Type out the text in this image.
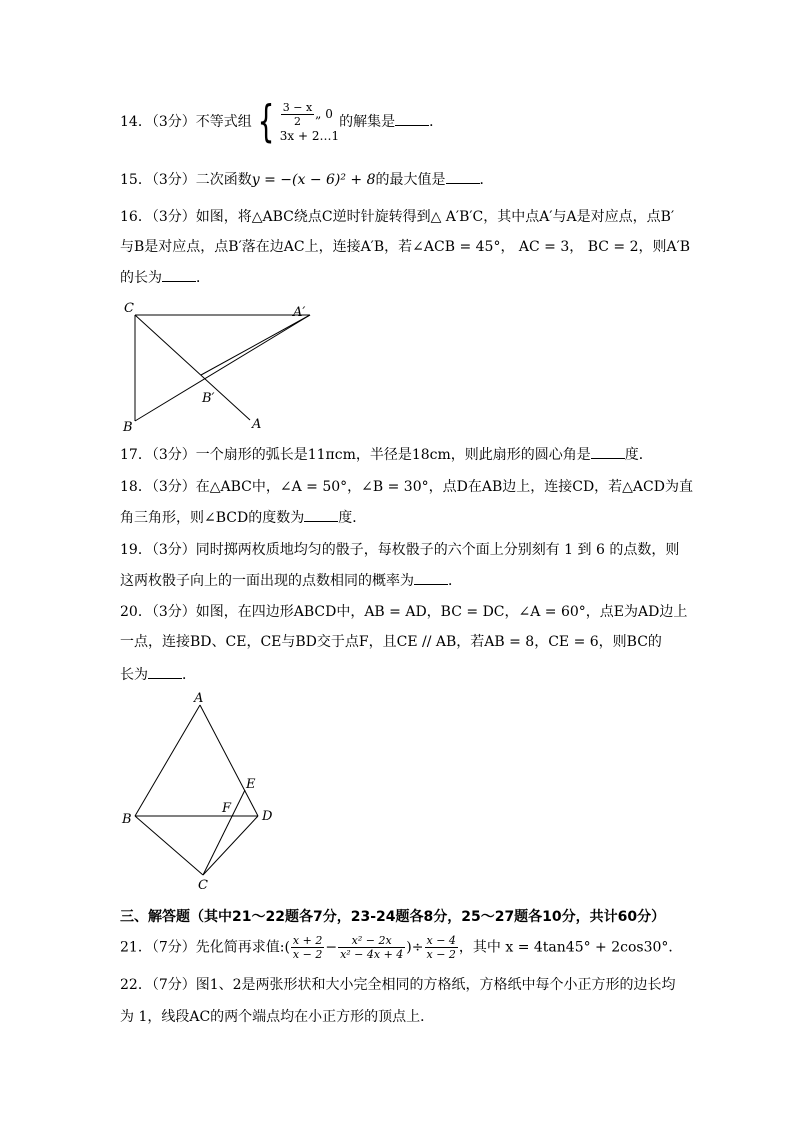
14．（3分）不等式组 { $\frac{3 - x}{2}$ „ 0
3x + 2…1
的解集是 ．
15．（3分）二次函数y = −(x − 6)² + 8的最大值是 ．
16．（3分）如图，将△ABC绕点C逆时针旋转得到△ A′B′C，其中点A′与A是对应点，点B′
与B是对应点，点B′落在边AC上，连接A′B，若∠ACB = 45°， AC = 3， BC = 2，则A′B
的长为 ．
C	A′
B′
B	A
17．（3分）一个扇形的弧长是11πcm，半径是18cm，则此扇形的圆心角是 度．
18．（3分）在△ABC中，∠A = 50°，∠B = 30°，点D在AB边上，连接CD，若△ACD为直
角三角形，则∠BCD的度数为 度．
19．（3分）同时掷两枚质地均匀的骰子，每枚骰子的六个面上分别刻有 1 到 6 的点数，则
这两枚骰子向上的一面出现的点数相同的概率为 ．
20．（3分）如图，在四边形ABCD中，AB = AD，BC = DC，∠A = 60°，点E为AD边上
一点，连接BD、CE，CE与BD交于点F，且CE // AB，若AB = 8，CE = 6，则BC的
长为 ．
A
B
C
D
E
F
三、解答题（其中21～22题各7分，23-24题各8分，25～27题各10分，共计60分）
21．（7分）先化简再求值:( $\frac{x + 2}{x - 2} - \frac{\text{x² − 2x}}{\text{x² − 4x + 4}}$ )÷ $\frac{x - 4}{x - 2}$ ，其中 x = 4tan45° + 2cos30°．
22．（7分）图1、2是两张形状和大小完全相同的方格纸，方格纸中每个小正方形的边长均
为 1，线段AC的两个端点均在小正方形的顶点上．
